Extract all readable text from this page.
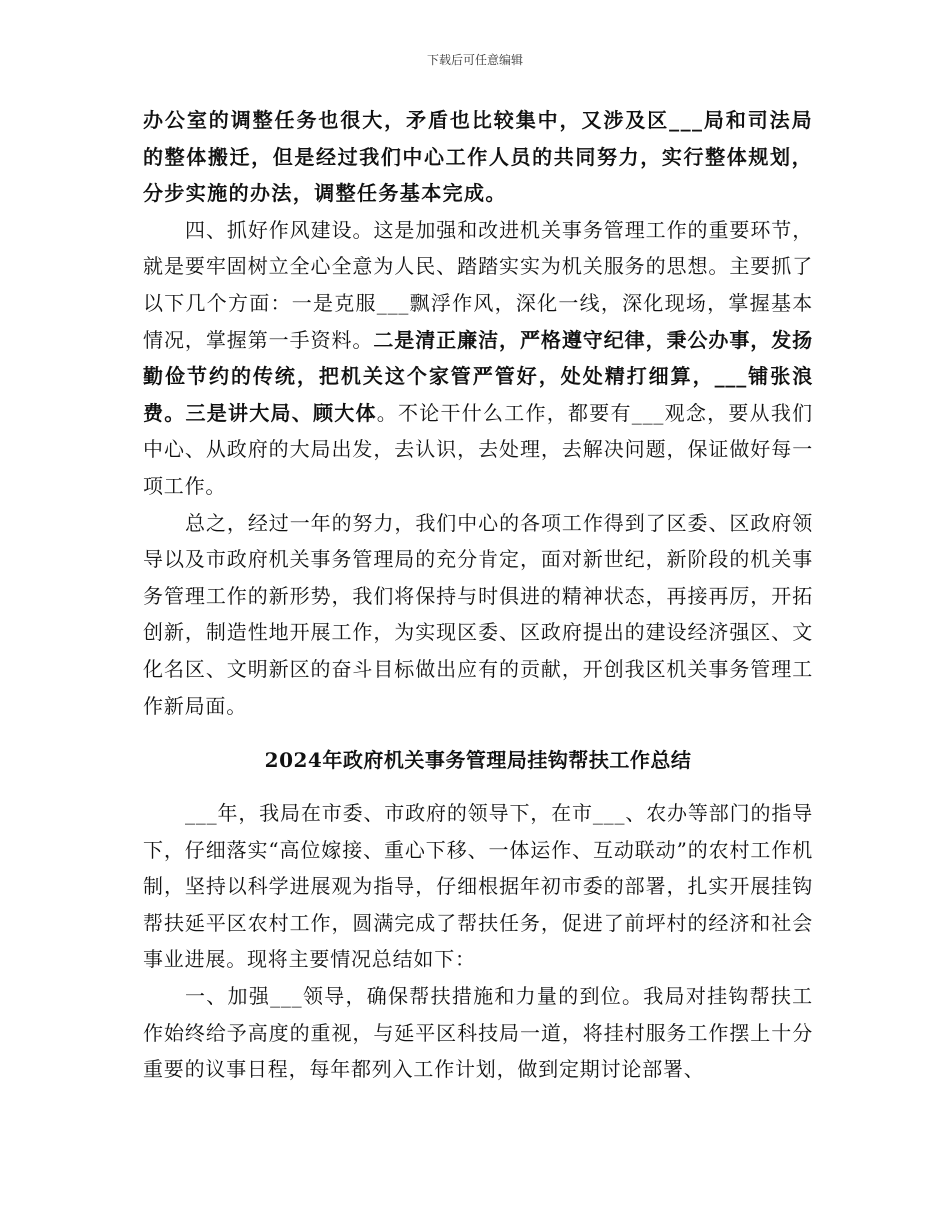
下载后可任意编辑

办公室的调整任务也很大，矛盾也比较集中，又涉及区___局和司法局的整体搬迁，但是经过我们中心工作人员的共同努力，实行整体规划，分步实施的办法，调整任务基本完成。

四、抓好作风建设。这是加强和改进机关事务管理工作的重要环节，就是要牢固树立全心全意为人民、踏踏实实为机关服务的思想。主要抓了以下几个方面：一是克服___飘浮作风，深化一线，深化现场，掌握基本情况，掌握第一手资料。二是清正廉洁，严格遵守纪律，秉公办事，发扬勤俭节约的传统，把机关这个家管严管好，处处精打细算，___铺张浪费。三是讲大局、顾大体。不论干什么工作，都要有___观念，要从我们中心、从政府的大局出发，去认识，去处理，去解决问题，保证做好每一项工作。

总之，经过一年的努力，我们中心的各项工作得到了区委、区政府领导以及市政府机关事务管理局的充分肯定，面对新世纪，新阶段的机关事务管理工作的新形势，我们将保持与时俱进的精神状态，再接再厉，开拓创新，制造性地开展工作，为实现区委、区政府提出的建设经济强区、文化名区、文明新区的奋斗目标做出应有的贡献，开创我区机关事务管理工作新局面。

2024年政府机关事务管理局挂钩帮扶工作总结

___年，我局在市委、市政府的领导下，在市___、农办等部门的指导下，仔细落实“高位嫁接、重心下移、一体运作、互动联动”的农村工作机制，坚持以科学进展观为指导，仔细根据年初市委的部署，扎实开展挂钩帮扶延平区农村工作，圆满完成了帮扶任务，促进了前坪村的经济和社会事业进展。现将主要情况总结如下：

一、加强___领导，确保帮扶措施和力量的到位。我局对挂钩帮扶工作始终给予高度的重视，与延平区科技局一道，将挂村服务工作摆上十分重要的议事日程，每年都列入工作计划，做到定期讨论部署、
